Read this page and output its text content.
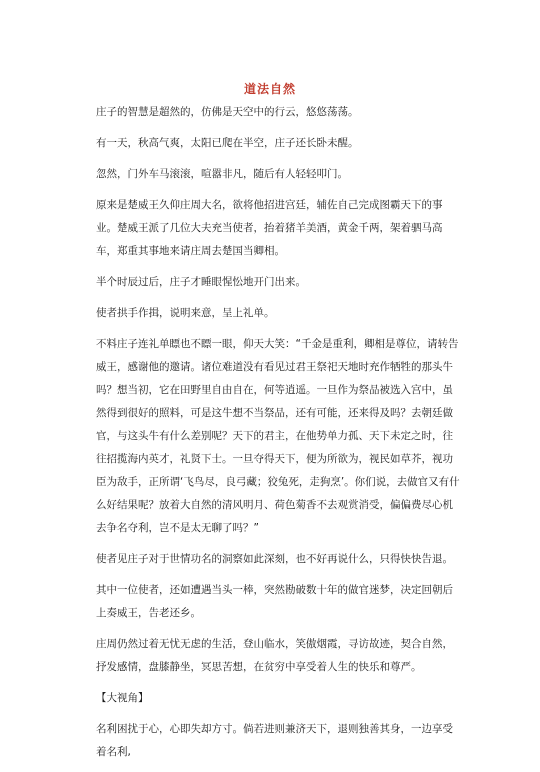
道法自然

庄子的智慧是超然的，仿佛是天空中的行云，悠悠荡荡。

有一天，秋高气爽，太阳已爬在半空，庄子还长卧未醒。

忽然，门外车马滚滚，喧嚣非凡，随后有人轻轻叩门。

原来是楚威王久仰庄周大名，欲将他招进宫廷，辅佐自己完成图霸天下的事业。楚威王派了几位大夫充当使者，抬着猪羊美酒，黄金千两，架着驷马高车，郑重其事地来请庄周去楚国当卿相。

半个时辰过后，庄子才睡眼惺忪地开门出来。

使者拱手作揖，说明来意，呈上礼单。

不料庄子连礼单瞟也不瞟一眼，仰天大笑：“千金是重利，卿相是尊位，请转告威王，感谢他的邀请。诸位难道没有看见过君王祭祀天地时充作牺牲的那头牛吗？想当初，它在田野里自由自在，何等逍遥。一旦作为祭品被选入宫中，虽然得到很好的照料，可是这牛想不当祭品，还有可能，还来得及吗？去朝廷做官，与这头牛有什么差别呢？天下的君主，在他势单力孤、天下未定之时，往往招揽海内英才，礼贤下士。一旦夺得天下，便为所欲为，视民如草芥，视功臣为敌手，正所谓‘飞鸟尽，良弓藏；狡兔死，走狗烹’。你们说，去做官又有什么好结果呢？放着大自然的清风明月、荷色菊香不去观赏消受，偏偏费尽心机去争名夺利，岂不是太无聊了吗？”

使者见庄子对于世情功名的洞察如此深刻，也不好再说什么，只得快快告退。

其中一位使者，还如遭遇当头一棒，突然勘破数十年的做官迷梦，决定回朝后上奏威王，告老还乡。

庄周仍然过着无忧无虑的生活，登山临水，笑傲烟霞，寻访故迹，契合自然，抒发感情，盘膝静坐，冥思苦想，在贫穷中享受着人生的快乐和尊严。

【大视角】

名利困扰于心，心即失却方寸。倘若进则兼济天下，退则独善其身，一边享受着名利,
